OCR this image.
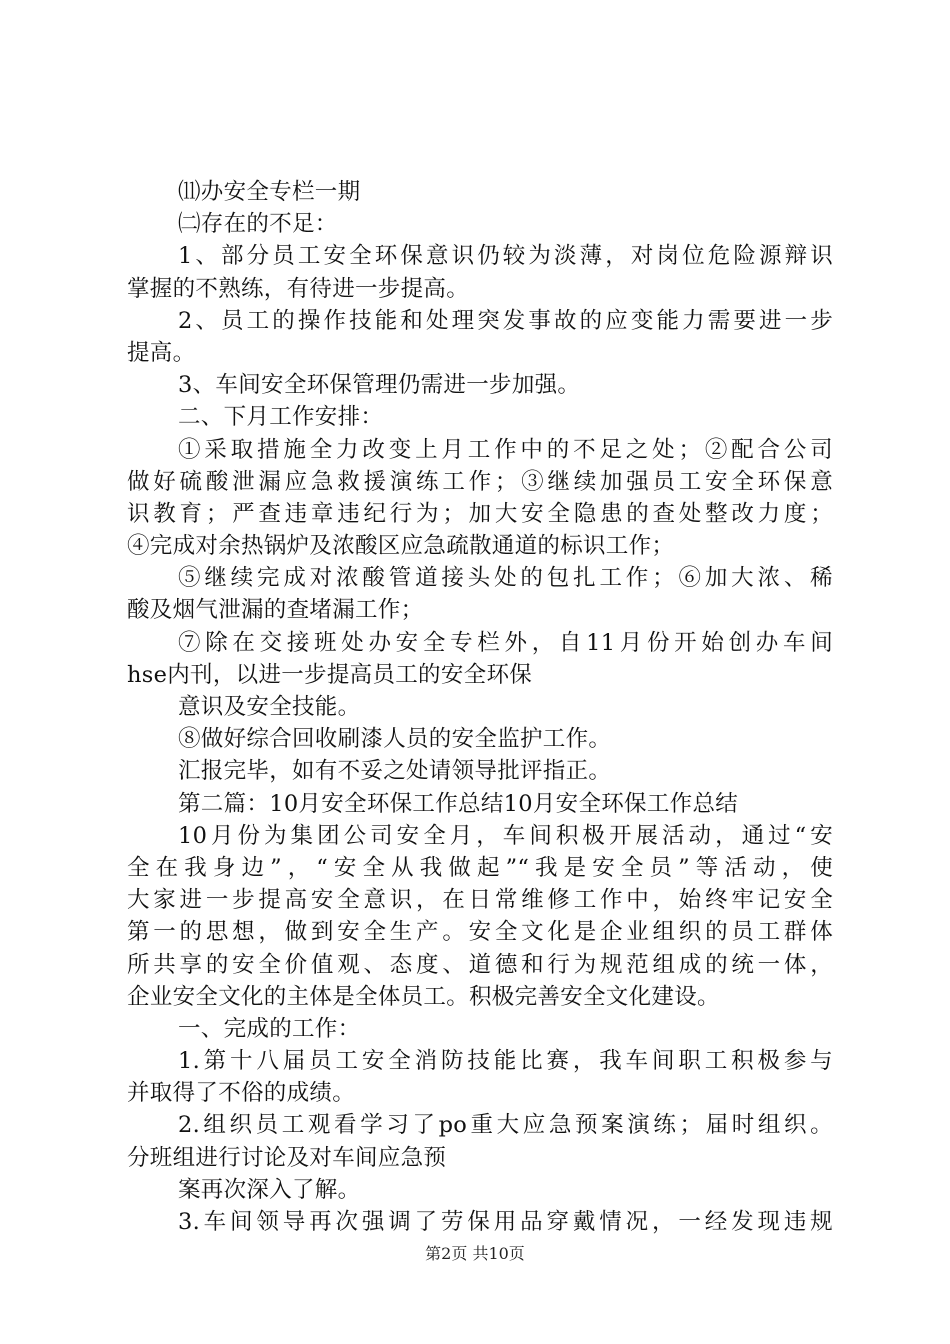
⑾办安全专栏一期
㈡存在的不足：
1、部分员工安全环保意识仍较为淡薄，对岗位危险源辩识
掌握的不熟练，有待进一步提高。
2、员工的操作技能和处理突发事故的应变能力需要进一步
提高。
3、车间安全环保管理仍需进一步加强。
二、下月工作安排：
①采取措施全力改变上月工作中的不足之处；②配合公司
做好硫酸泄漏应急救援演练工作；③继续加强员工安全环保意
识教育；严查违章违纪行为；加大安全隐患的查处整改力度；
④完成对余热锅炉及浓酸区应急疏散通道的标识工作；
⑤继续完成对浓酸管道接头处的包扎工作；⑥加大浓、稀
酸及烟气泄漏的查堵漏工作；
⑦除在交接班处办安全专栏外，自11月份开始创办车间
hse内刊，以进一步提高员工的安全环保
意识及安全技能。
⑧做好综合回收刷漆人员的安全监护工作。
汇报完毕，如有不妥之处请领导批评指正。
第二篇：10月安全环保工作总结10月安全环保工作总结
10月份为集团公司安全月，车间积极开展活动，通过“安
全在我身边”，“安全从我做起”“我是安全员”等活动，使
大家进一步提高安全意识，在日常维修工作中，始终牢记安全
第一的思想，做到安全生产。安全文化是企业组织的员工群体
所共享的安全价值观、态度、道德和行为规范组成的统一体，
企业安全文化的主体是全体员工。积极完善安全文化建设。
一、完成的工作：
1.第十八届员工安全消防技能比赛，我车间职工积极参与
并取得了不俗的成绩。
2.组织员工观看学习了po重大应急预案演练；届时组织。
分班组进行讨论及对车间应急预
案再次深入了解。
3.车间领导再次强调了劳保用品穿戴情况，一经发现违规
第2页 共10页
